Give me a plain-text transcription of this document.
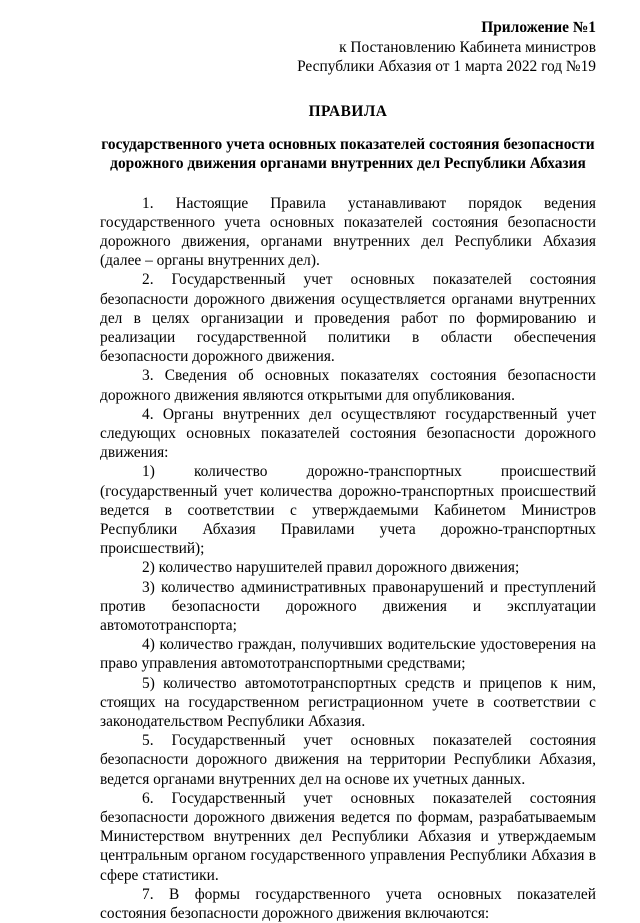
Приложение №1
к Постановлению Кабинета министров
Республики Абхазия от 1 марта 2022 год №19
ПРАВИЛА
государственного учета основных показателей состояния безопасности дорожного движения органами внутренних дел Республики Абхазия

1. Настоящие Правила устанавливают порядок ведения государственного учета основных показателей состояния безопасности дорожного движения, органами внутренних дел Республики Абхазия (далее – органы внутренних дел).

2. Государственный учет основных показателей состояния безопасности дорожного движения осуществляется органами внутренних дел в целях организации и проведения работ по формированию и реализации государственной политики в области обеспечения безопасности дорожного движения.

3. Сведения об основных показателях состояния безопасности дорожного движения являются открытыми для опубликования.

4. Органы внутренних дел осуществляют государственный учет следующих основных показателей состояния безопасности дорожного движения:

1) количество дорожно-транспортных происшествий (государственный учет количества дорожно-транспортных происшествий ведется в соответствии с утверждаемыми Кабинетом Министров Республики Абхазия Правилами учета дорожно-транспортных происшествий);

2) количество нарушителей правил дорожного движения;

3) количество административных правонарушений и преступлений против безопасности дорожного движения и эксплуатации автомототранспорта;

4) количество граждан, получивших водительские удостоверения на право управления автомототранспортными средствами;

5) количество автомототранспортных средств и прицепов к ним, стоящих на государственном регистрационном учете в соответствии с законодательством Республики Абхазия.

5. Государственный учет основных показателей состояния безопасности дорожного движения на территории Республики Абхазия, ведется органами внутренних дел на основе их учетных данных.

6. Государственный учет основных показателей состояния безопасности дорожного движения ведется по формам, разрабатываемым Министерством внутренних дел Республики Абхазия и утверждаемым центральным органом государственного управления Республики Абхазия в сфере статистики.

7. В формы государственного учета основных показателей состояния безопасности дорожного движения включаются:
